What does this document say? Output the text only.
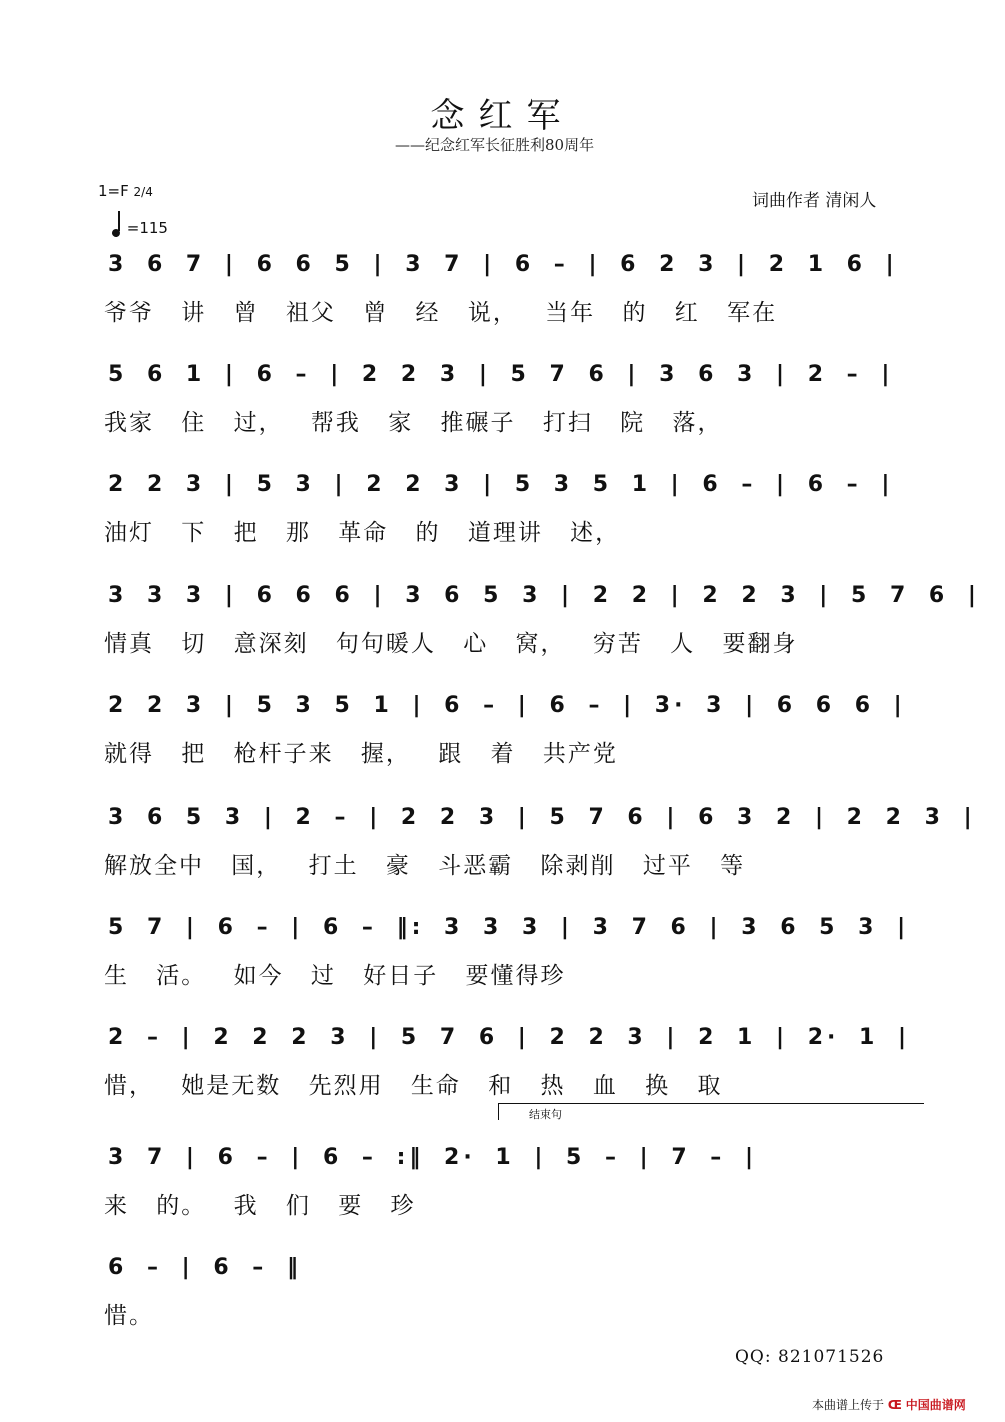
念红军
——纪念红军长征胜利80周年
1=F 2/4
=115
词曲作者 清闲人
3 6 7 | 6 6 5 | 3 7 | 6 – | 6 2 3 | 2 1 6 |
爷爷 讲 曾 祖父 曾 经 说， 当年 的 红 军在
5 6 1 | 6 – | 2 2 3 | 5 7 6 | 3 6 3 | 2 – |
我家 住 过， 帮我 家 推碾子 打扫 院 落，
2 2 3 | 5 3 | 2 2 3 | 5 3 5 1 | 6 – | 6 – |
油灯 下 把 那 革命 的 道理讲 述，
3 3 3 | 6 6 6 | 3 6 5 3 | 2 2 | 2 2 3 | 5 7 6 |
情真 切 意深刻 句句暖人 心 窝， 穷苦 人 要翻身
2 2 3 | 5 3 5 1 | 6 – | 6 – | 3· 3 | 6 6 6 |
就得 把 枪杆子来 握， 跟 着 共产党
3 6 5 3 | 2 – | 2 2 3 | 5 7 6 | 6 3 2 | 2 2 3 |
解放全中 国， 打土 豪 斗恶霸 除剥削 过平 等
5 7 | 6 – | 6 – ‖: 3 3 3 | 3 7 6 | 3 6 5 3 |
生 活。 如今 过 好日子 要懂得珍
2 – | 2 2 2 3 | 5 7 6 | 2 2 3 | 2 1 | 2· 1 |
惜， 她是无数 先烈用 生命 和 热 血 换 取
3 7 | 6 – | 6 – :‖ 2· 1 | 5 – | 7 – |
来 的。 我 们 要 珍
6 – | 6 – ‖
惜。
结束句
QQ: 821071526
本曲谱上传于 Œ 中国曲谱网
